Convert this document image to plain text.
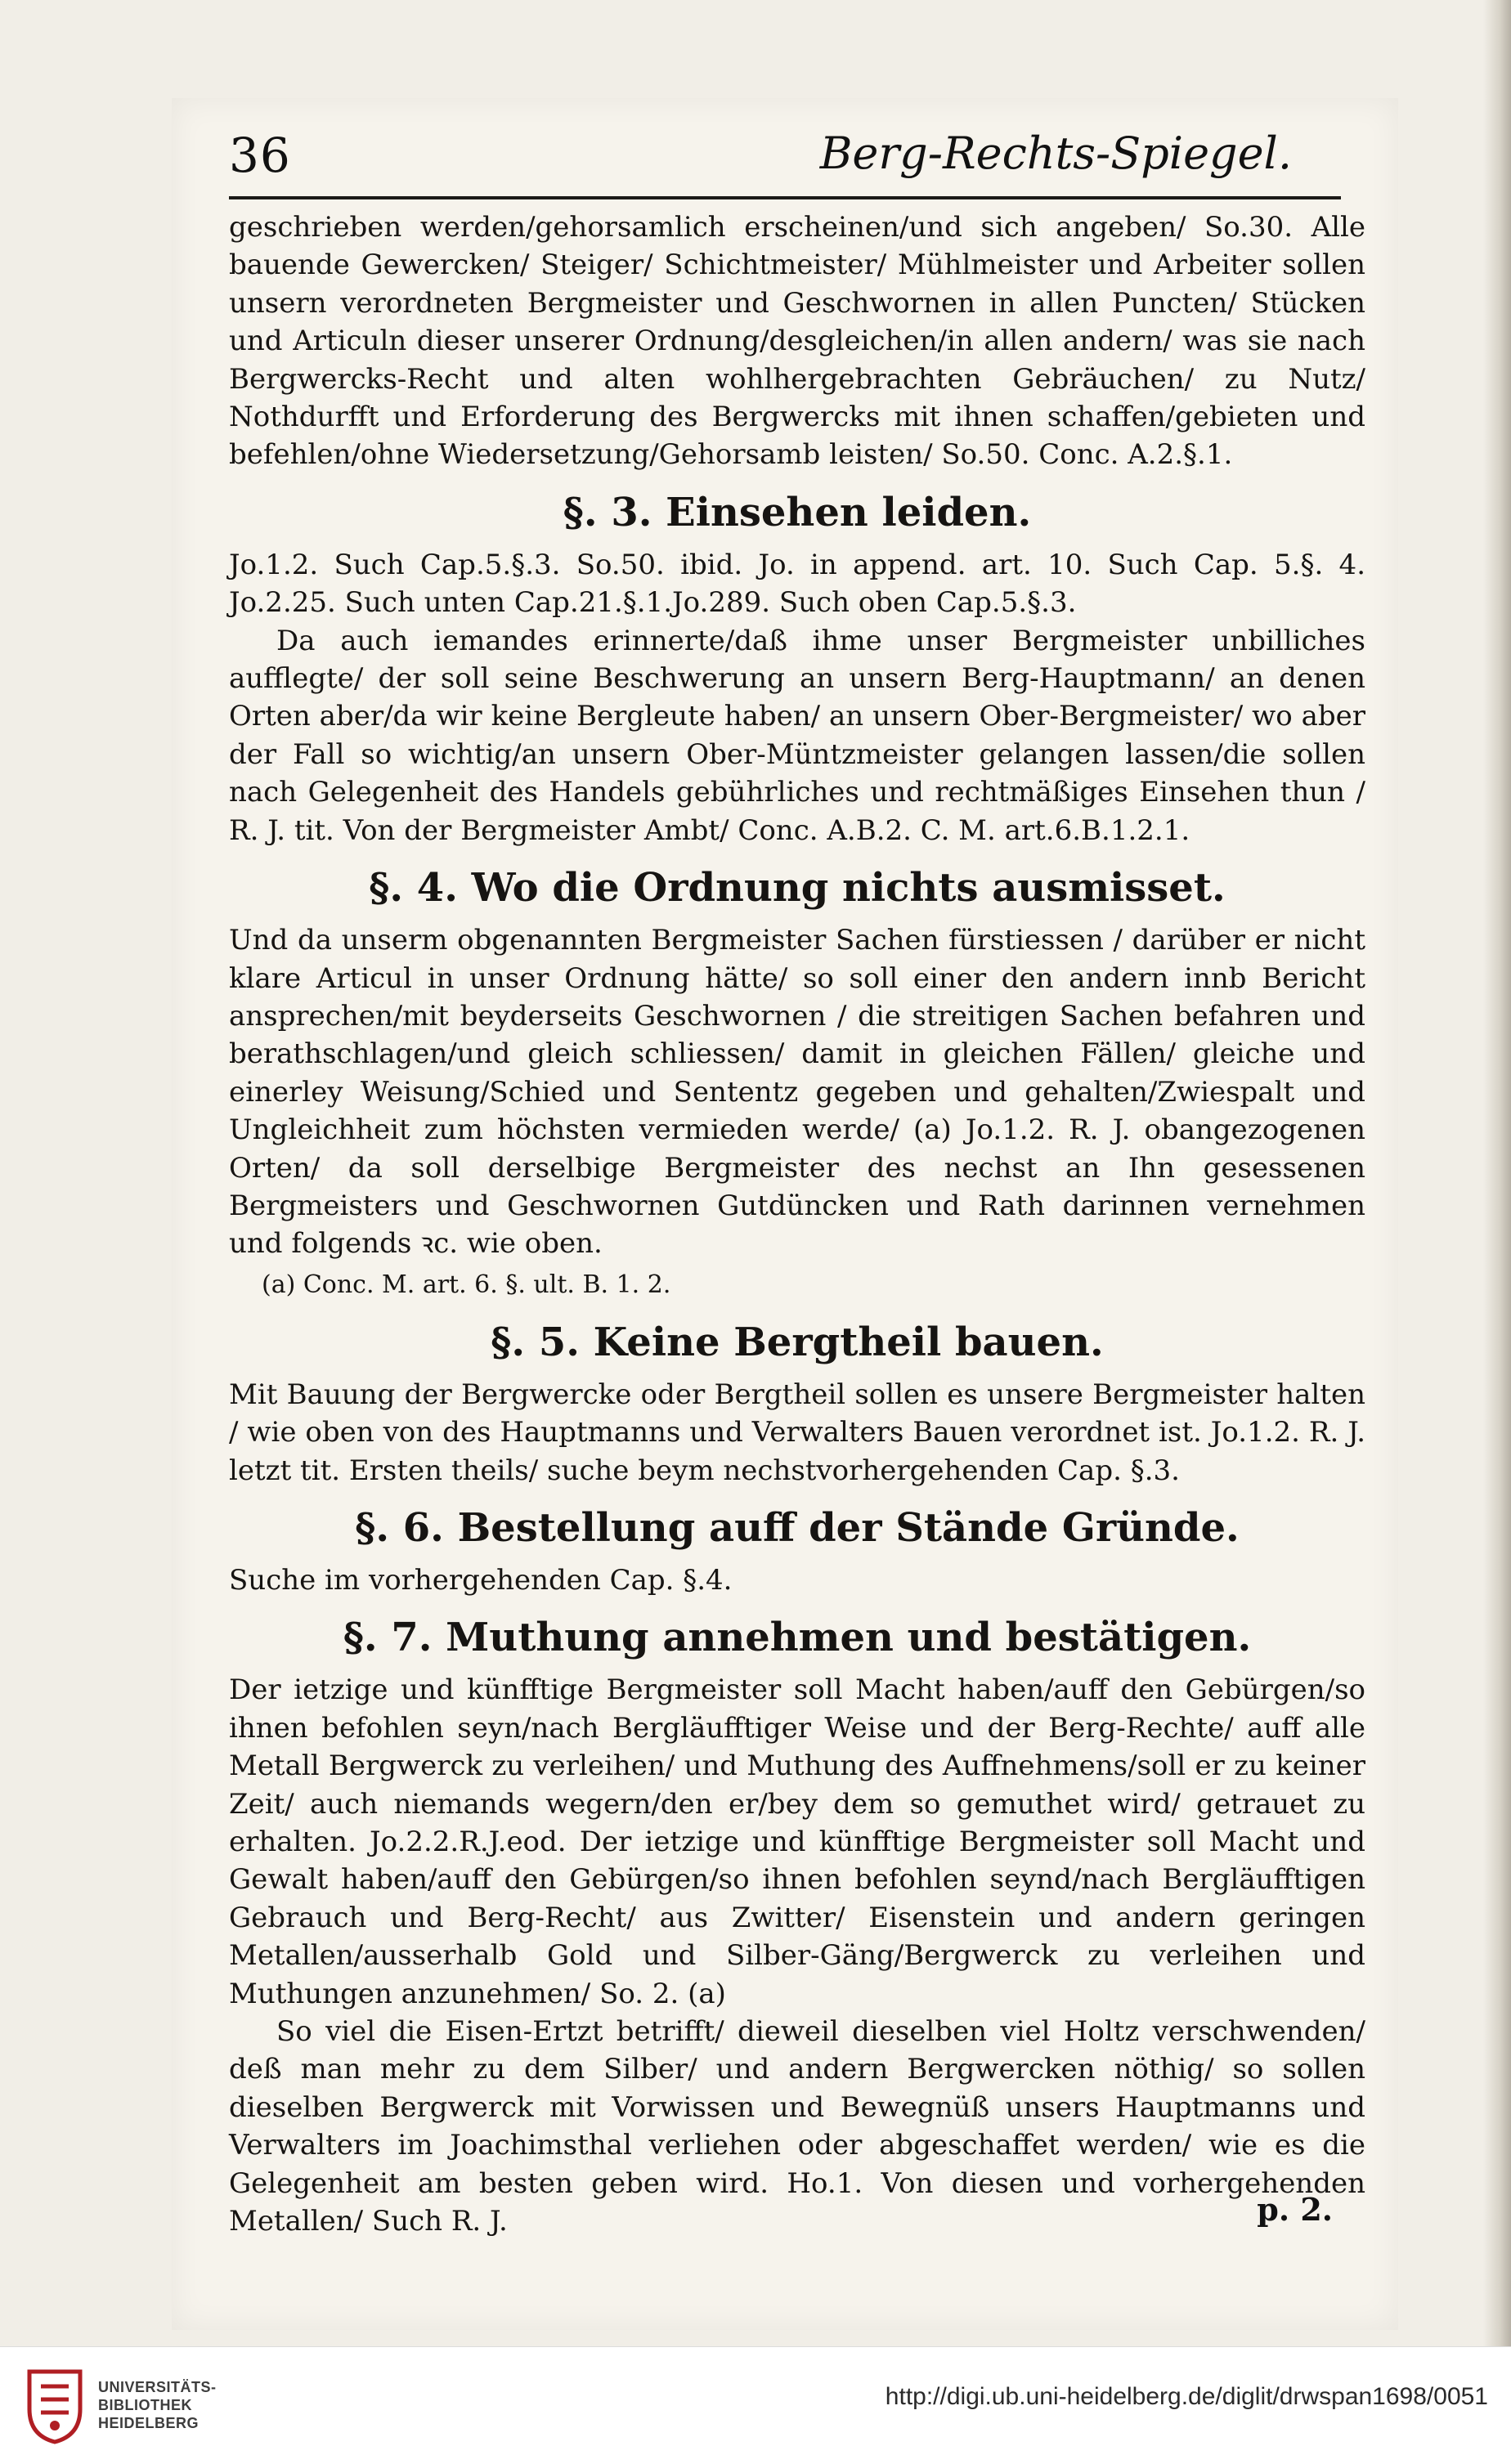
36	Berg-Rechts-Spiegel.

geschrieben werden/gehorsamlich erscheinen/und sich angeben/ So.30. Alle bauende Gewercken/ Steiger/ Schichtmeister/ Mühlmeister und Arbeiter sollen unsern verordneten Bergmeister und Geschwornen in allen Puncten/ Stücken und Articuln dieser unserer Ordnung/desgleichen/in allen andern/ was sie nach Bergwercks-Recht und alten wohlhergebrachten Gebräuchen/ zu Nutz/ Nothdurfft und Erforderung des Bergwercks mit ihnen schaffen/gebieten und befehlen/ohne Wiedersetzung/Gehorsamb leisten/ So.50. Conc. A.2.§.1.

§. 3. Einsehen leiden.

Jo.1.2. Such Cap.5.§.3. So.50. ibid. Jo. in append. art. 10. Such Cap. 5.§. 4. Jo.2.25. Such unten Cap.21.§.1.Jo.289. Such oben Cap.5.§.3.

Da auch iemandes erinnerte/daß ihme unser Bergmeister unbilliches aufflegte/ der soll seine Beschwerung an unsern Berg-Hauptmann/ an denen Orten aber/da wir keine Bergleute haben/ an unsern Ober-Bergmeister/ wo aber der Fall so wichtig/an unsern Ober-Müntzmeister gelangen lassen/die sollen nach Gelegenheit des Handels gebührliches und rechtmäßiges Einsehen thun / R. J. tit. Von der Bergmeister Ambt/ Conc. A.B.2. C. M. art.6.B.1.2.1.

§. 4. Wo die Ordnung nichts ausmisset.

Und da unserm obgenannten Bergmeister Sachen fürstiessen / darüber er nicht klare Articul in unser Ordnung hätte/ so soll einer den andern innb Bericht ansprechen/mit beyderseits Geschwornen / die streitigen Sachen befahren und berathschlagen/und gleich schliessen/ damit in gleichen Fällen/ gleiche und einerley Weisung/Schied und Sententz gegeben und gehalten/Zwiespalt und Ungleichheit zum höchsten vermieden werde/ (a) Jo.1.2. R. J. obangezogenen Orten/ da soll derselbige Bergmeister des nechst an Ihn gesessenen Bergmeisters und Geschwornen Gutdüncken und Rath darinnen vernehmen und folgends ꝛc. wie oben.

(a) Conc. M. art. 6. §. ult. B. 1. 2.

§. 5. Keine Bergtheil bauen.

Mit Bauung der Bergwercke oder Bergtheil sollen es unsere Bergmeister halten / wie oben von des Hauptmanns und Verwalters Bauen verordnet ist. Jo.1.2. R. J. letzt tit. Ersten theils/ suche beym nechstvorhergehenden Cap. §.3.

§. 6. Bestellung auff der Stände Gründe.

Suche im vorhergehenden Cap. §.4.

§. 7. Muthung annehmen und bestätigen.

Der ietzige und künfftige Bergmeister soll Macht haben/auff den Gebürgen/so ihnen befohlen seyn/nach Bergläufftiger Weise und der Berg-Rechte/ auff alle Metall Bergwerck zu verleihen/ und Muthung des Auffnehmens/soll er zu keiner Zeit/ auch niemands wegern/den er/bey dem so gemuthet wird/ getrauet zu erhalten. Jo.2.2.R.J.eod. Der ietzige und künfftige Bergmeister soll Macht und Gewalt haben/auff den Gebürgen/so ihnen befohlen seynd/nach Bergläufftigen Gebrauch und Berg-Recht/ aus Zwitter/ Eisenstein und andern geringen Metallen/ausserhalb Gold und Silber-Gäng/Bergwerck zu verleihen und Muthungen anzunehmen/ So. 2. (a)

So viel die Eisen-Ertzt betrifft/ dieweil dieselben viel Holtz verschwenden/ deß man mehr zu dem Silber/ und andern Bergwercken nöthig/ so sollen dieselben Bergwerck mit Vorwissen und Bewegnüß unsers Hauptmanns und Verwalters im Joachimsthal verliehen oder abgeschaffet werden/ wie es die Gelegenheit am besten geben wird. Ho.1. Von diesen und vorhergehenden Metallen/ Such R. J.	p. 2.
UNIVERSITÄTS-
BIBLIOTHEK
HEIDELBERG
http://digi.ub.uni-heidelberg.de/diglit/drwspan1698/0051
